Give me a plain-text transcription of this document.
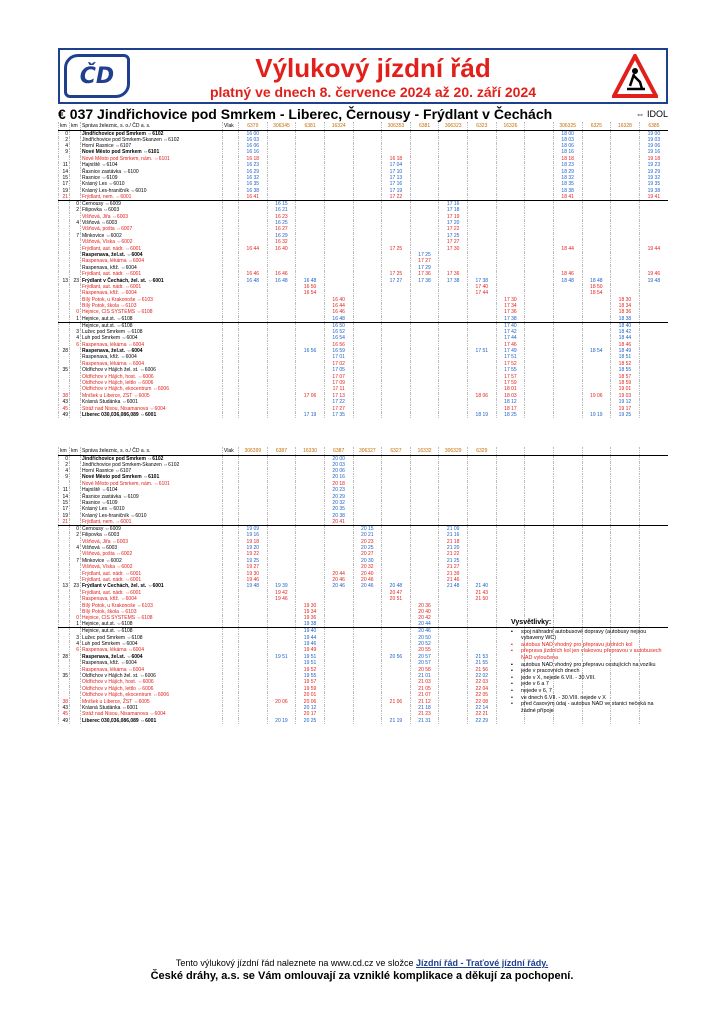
ČD	Výlukový jízdní řád
platný ve dnech 8. července 2024 až 20. září 2024
€ 037
Jindřichovice pod Smrkem - Liberec, Černousy - Frýdlant v Čechách	⇔ IDOL
km	km	Správa železnic, s. o./ ČD a. s.	Vlak	6379	306345	6381	16324		306353	6381	306323	6323	16326		306325	6325	16328	6385
0		Jindřichovice pod Smrkem ⇔6102		16 00											18 00			19 00
2		Jindřichovice pod Smrkem-Skanzen ⇔6102		16 03											18 03			19 03
4		Horní Řasnice ⇔6107		16 06											18 06			19 06
9		Nové Město pod Smrkem ⇔6101		16 16											18 16			19 16
		Nové Město pod Smrkem, nám. ⇔6101		16 18					16 18						18 18			19 18
11		Hajniště ⇔6104		16 23					17 04						18 23			19 23
14		Řasnice zastávka ⇔6100		16 29					17 10						18 29			19 29
15		Řasnice ⇔6109		16 32					17 13						18 32			19 32
17		Krásný Les ⇔6010		16 35					17 16						18 35			19 35
19		Krásný Les-hraničník ⇔6010		16 38					17 19						18 38			19 38
21		Frýdlant, nem. ⇔6001		16 41					17 22						18 41			19 41
	0	Černousy ⇔6009			16 15						17 16							
	2	Filipovka ⇔6003			16 21						17 18							
		Višňová, Jiřa ⇔6003			16 23						17 19							
	4	Višňová ⇔6003			16 25						17 20							
		Višňová, pošta ⇔6007			16 27						17 22							
	7	Minkovice ⇔6002			16 29						17 25							
		Višňová, Víska ⇔6002			16 32						17 27							
		Frýdlant, aut. nádr. ⇔6001		16 44	16 40				17 25		17 30				18 44			19 44
		Raspenava, žel.st. ⇔6004								17 25								
		Raspenava, lékárna ⇔6004								17 27								
		Raspenava, křiž. ⇔6004								17 29								
		Frýdlant, aut. nádr. ⇔6001		16 46	16 46				17 25	17 36	17 36				18 46			19 46
13	23	Frýdlant v Čechách, žel. st. ⇔6001		16 48	16 48	16 48			17 27	17 38	17 38	17 38			18 48	18 48		19 48
		Frýdlant, aut. nádr. ⇔6001				16 50						17 40				18 50		
		Raspenava, křiž. ⇔6004				16 54						17 44				18 54		
		Bílý Potok, u Krakonoše ⇔6103					16 40						17 30				18 30	
		Bílý Potok, škola ⇔6103					16 44						17 34				18 34	
	0	Hejnice, ČIS SYSTEMS ⇔6108					16 46						17 36				18 36	
	1	Hejnice, aut.st. ⇔6108					16 48						17 38				18 38	
		Hejnice, aut.st. ⇔6108					16 50						17 40				18 40	
	3	Lužec pod Smrkem ⇔6108					16 52						17 42				18 42	
	4	Luh pod Smrkem ⇔6004					16 54						17 44				18 44	
	6	Raspenava, lékárna ⇔6004					16 56						17 46				18 46	
28		Raspenava, žel.st. ⇔6004				16 56	16 59					17 51	17 49			18 54	18 49	
		Raspenava, křiž. ⇔6004					17 01						17 51				18 51	
		Raspenava, lékárna ⇔6004					17 02						17 52				18 52	
35		Oldřichov v Hájích žel. st. ⇔6006					17 05						17 55				18 55	
		Oldřichov v Hájích, host. ⇔6006					17 07						17 57				18 57	
		Oldřichov v Hájích, lettlo ⇔6006					17 09						17 59				18 59	
		Oldřichov v Hájích, ekocentrum ⇔6006					17 11						18 01				19 01	
38		Mníšek u Liberce, ŽST ⇔6005				17 06	17 13					18 06	18 03			19 06	19 03	
43		Krásná Studánka ⇔6001					17 22						18 12				19 12	
45		Stráž nad Nisou, Nisamanova ⇔6004					17 27						18 17				19 17	
49		Liberec 030,036,086,089 ⇔6001				17 19	17 35					18 19	18 25			19 19	19 25	
km	km	Správa železnic, s. o./ ČD a. s.	Vlak	306399	6387	16330	6387	306327	6327	16332	306329	6329						
0		Jindřichovice pod Smrkem ⇔6102					20 00											
2		Jindřichovice pod Smrkem-Skanzen ⇔6102					20 03											
4		Horní Řasnice ⇔6107					20 06											
9		Nové Město pod Smrkem ⇔6101					20 16											
		Nové Město pod Smrkem, nám. ⇔6101					20 18											
11		Hajniště ⇔6104					20 23											
14		Řasnice zastávka ⇔6109					20 29											
15		Řasnice ⇔6109					20 32											
17		Krásný Les ⇔6010					20 35											
19		Krásný Les-hraničník ⇔6010					20 38											
21		Frýdlant, nem. ⇔6001					20 41											
	0	Černousy ⇔6009		19 09				20 15			21 09							
	2	Filipovka ⇔6003		19 16				20 21			21 16							
		Višňová, Jiřa ⇔6003		19 18				20 23			21 18							
	4	Višňová ⇔6003		19 20				20 25			21 20							
		Višňová, pošta ⇔6002		19 22				20 27			21 22							
	7	Minkovice ⇔6002		19 25				20 30			21 25							
		Višňová, Víska ⇔6002		19 27				20 32			21 27							
		Frýdlant, aut. nádr. ⇔6001		19 30			20 44	20 40			21 39							
		Frýdlant, aut. nádr. ⇔6001		19 46			20 46	20 46			21 46							
13	23	Frýdlant v Čechách, žel. st. ⇔6001		19 48	19 39		20 46	20 46	20 48		21 48	21 40						
		Frýdlant, aut. nádr. ⇔6001			19 42				20 47			21 43						
		Raspenava, křiž. ⇔6004			19 46				20 51			21 50						
		Bílý Potok, u Krakonoše ⇔6103				19 30				20 36								
		Bílý Potok, škola ⇔6103				19 34				20 40								
	0	Hejnice, ČIS SYSTEMS ⇔6108				19 36				20 42								
	1	Hejnice, aut.st. ⇔6108				19 38				20 44								
		Hejnice, aut.st. ⇔6108				19 40				20 46								
	3	Lužec pod Smrkem ⇔6108				19 44				20 50								
	4	Luh pod Smrkem ⇔6004				19 46				20 52								
	6	Raspenava, lékárna ⇔6004				19 49				20 55								
28		Raspenava, žel.st. ⇔6004			19 51	19 51			20 56	20 57		21 53						
		Raspenava, křiž. ⇔6004				19 51				20 57		21 55						
		Raspenava, lékárna ⇔6004				19 52				20 58		21 56						
35		Oldřichov v Hájích žel. st. ⇔6006				19 55				21 01		22 02						
		Oldřichov v Hájích, host. ⇔6006				19 57				21 03		22 03						
		Oldřichov v Hájích, lettlo ⇔6006				19 59				21 05		22 04						
		Oldřichov v Hájích, ekocentrum ⇔6006				20 01				21 07		22 05						
38		Mníšek u Liberce, ŽST ⇔6005			20 06	20 06			21 06	21 12		22 08						
43		Krásná Studánka ⇔6001				20 12				21 18		22 14						
45		Stráž nad Nisou, Nisamanova ⇔6004				20 17				21 23		22 21						
49		Liberec 030,036,086,089 ⇔6001			20 19	20 25			21 19	21 31		22 29						
Vysvětlivky:
▪	spoj náhradní autobusové dopravy (autobusy nejsou vybaveny WC)
▪	autobus NAD vhodný pro přepravu jízdních kol
▪	přeprava jízdních kol jen vlakovou přepravou v autobusech NAD vyloučena
▪	autobus NAD vhodný pro přepravu cestujících na vozíku
▪	jede v pracovních dnech
•	jede v X, nejede 6.VII. - 30.VIII.
•	jede v 6 a 7
•	nejede v 6, 7
•	ve dnech 6.VII. - 30.VIII. nejede v X
•	před časovým údaj - autobus NAD ve stanici nečeká na žádné přípoje
Tento výlukový jízdní řád naleznete na www.cd.cz ve složce Jízdní řád - Traťové jízdní řády.
České dráhy, a.s. se Vám omlouvají za vzniklé komplikace a děkují za pochopení.
